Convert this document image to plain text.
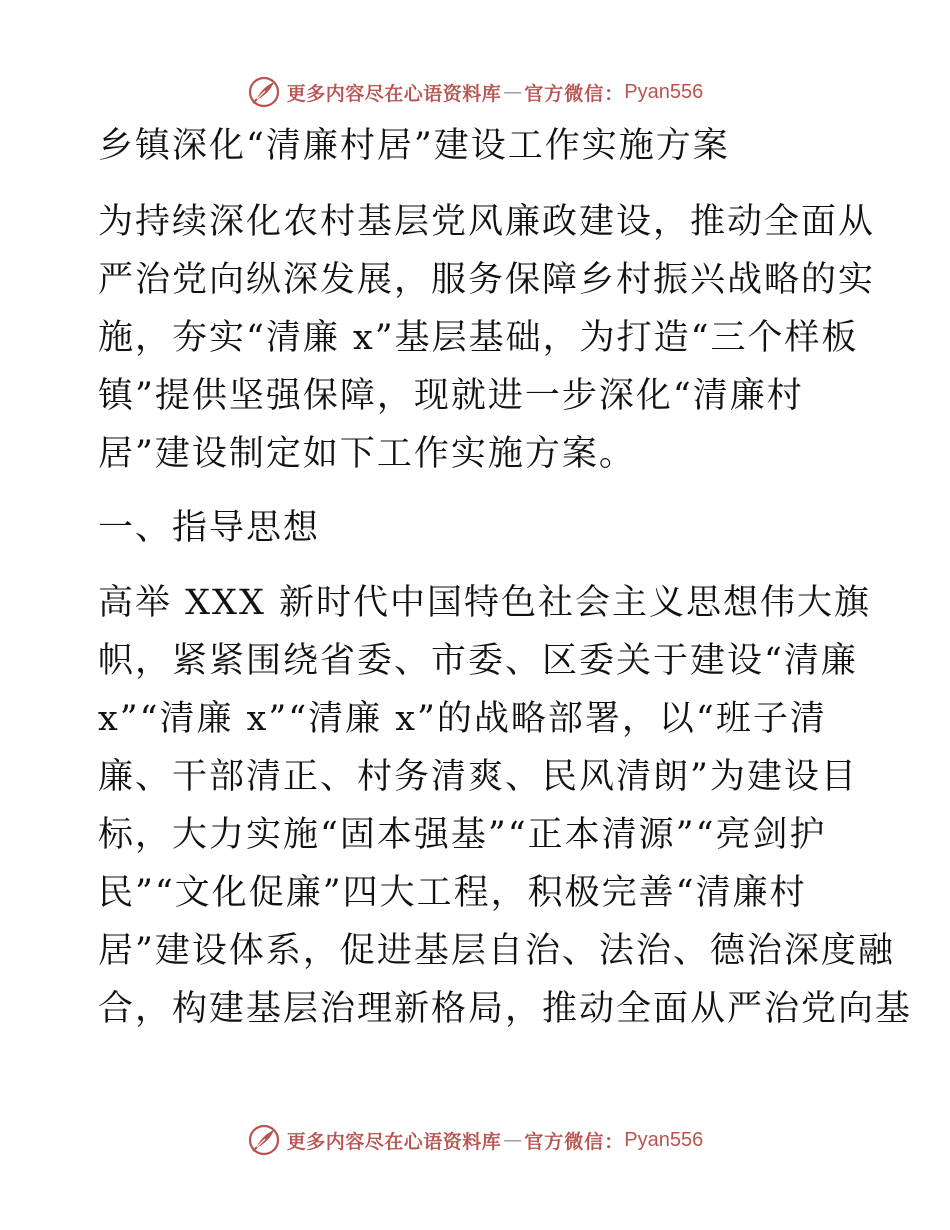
更多内容尽在心语资料库 — 官方微信： Pyan556
乡镇深化“清廉村居”建设工作实施方案
为持续深化农村基层党风廉政建设，推动全面从
严治党向纵深发展，服务保障乡村振兴战略的实
施，夯实“清廉 x”基层基础，为打造“三个样板
镇”提供坚强保障，现就进一步深化“清廉村
居”建设制定如下工作实施方案。
一、指导思想
高举 XXX 新时代中国特色社会主义思想伟大旗
帜，紧紧围绕省委、市委、区委关于建设“清廉
x”“清廉 x”“清廉 x”的战略部署，以“班子清
廉、干部清正、村务清爽、民风清朗”为建设目
标，大力实施“固本强基”“正本清源”“亮剑护
民”“文化促廉”四大工程，积极完善“清廉村
居”建设体系，促进基层自治、法治、德治深度融
合，构建基层治理新格局，推动全面从严治党向基
更多内容尽在心语资料库 — 官方微信： Pyan556
